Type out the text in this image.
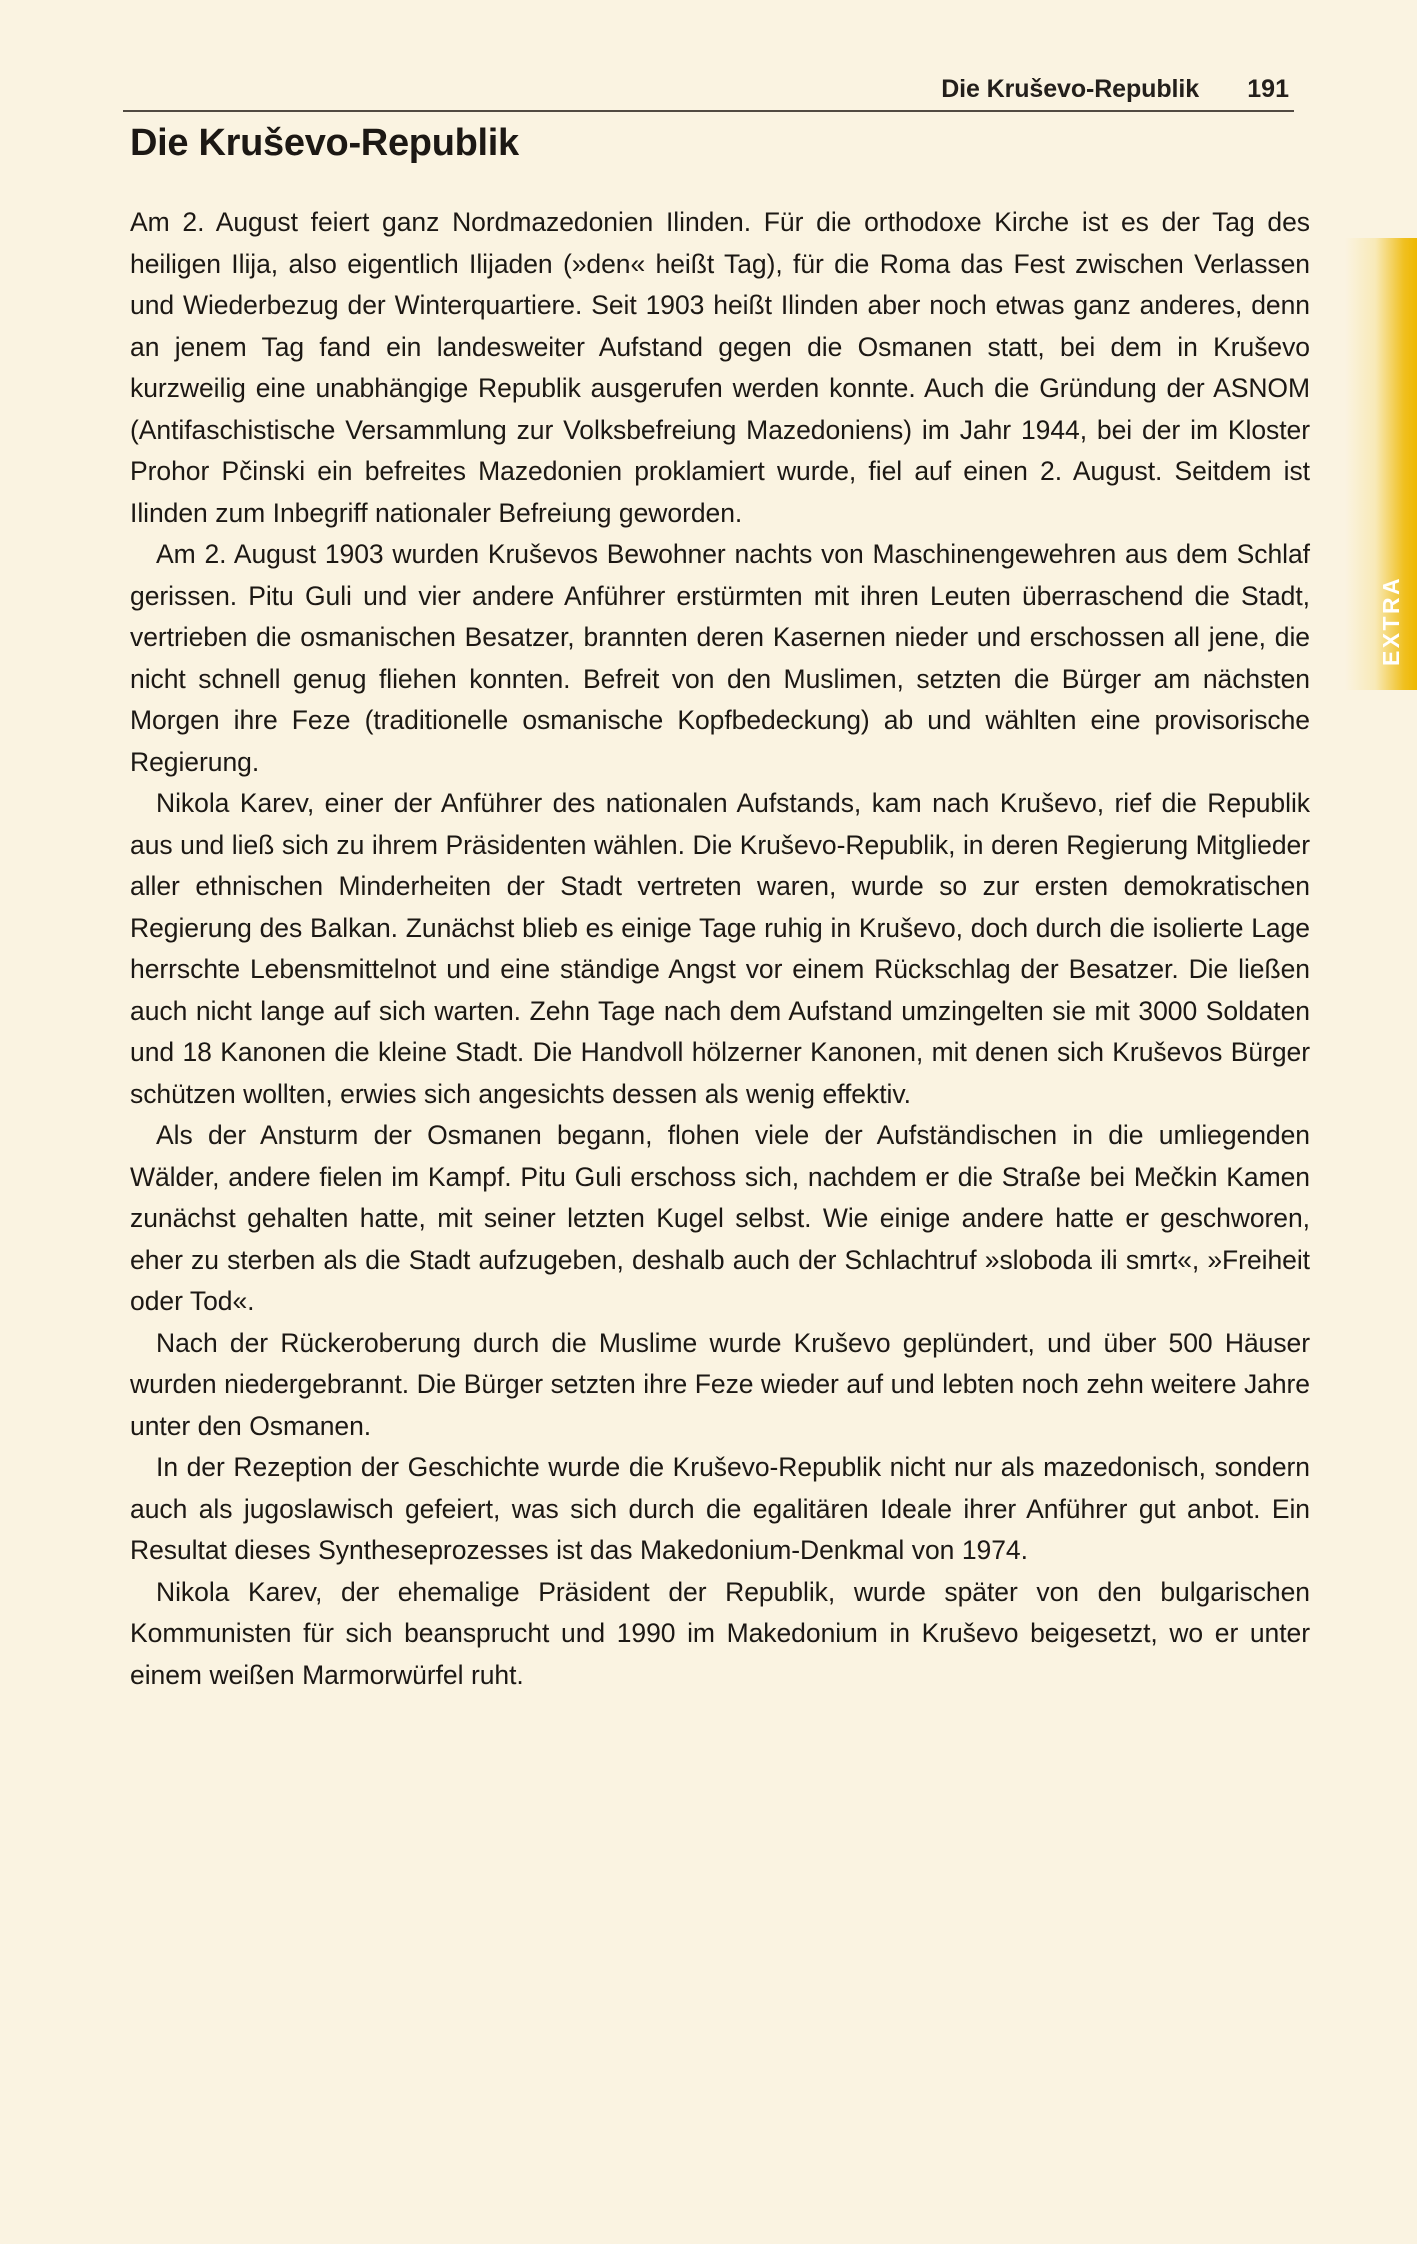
Die Kruševo-Republik 191
Die Kruševo-Republik

Am 2. August feiert ganz Nordmazedonien Ilinden. Für die orthodoxe Kirche ist es der Tag des heiligen Ilija, also eigentlich Ilijaden (»den« heißt Tag), für die Roma das Fest zwischen Verlassen und Wiederbezug der Winterquartiere. Seit 1903 heißt Ilinden aber noch etwas ganz anderes, denn an jenem Tag fand ein landesweiter Aufstand gegen die Osmanen statt, bei dem in Kruševo kurzweilig eine unabhängige Republik ausgerufen werden konnte. Auch die Gründung der ASNOM (Antifaschistische Versammlung zur Volksbefreiung Mazedoniens) im Jahr 1944, bei der im Kloster Prohor Pčinski ein befreites Mazedonien proklamiert wurde, fiel auf einen 2. August. Seitdem ist Ilinden zum Inbegriff nationaler Befreiung geworden.

Am 2. August 1903 wurden Kruševos Bewohner nachts von Maschinengewehren aus dem Schlaf gerissen. Pitu Guli und vier andere Anführer erstürmten mit ihren Leuten überraschend die Stadt, vertrieben die osmanischen Besatzer, brannten deren Kasernen nieder und erschossen all jene, die nicht schnell genug fliehen konnten. Befreit von den Muslimen, setzten die Bürger am nächsten Morgen ihre Feze (traditionelle osmanische Kopfbedeckung) ab und wählten eine provisorische Regierung.

Nikola Karev, einer der Anführer des nationalen Aufstands, kam nach Kruševo, rief die Republik aus und ließ sich zu ihrem Präsidenten wählen. Die Kruševo-Republik, in deren Regierung Mitglieder aller ethnischen Minderheiten der Stadt vertreten waren, wurde so zur ersten demokratischen Regierung des Balkan. Zunächst blieb es einige Tage ruhig in Kruševo, doch durch die isolierte Lage herrschte Lebensmittelnot und eine ständige Angst vor einem Rückschlag der Besatzer. Die ließen auch nicht lange auf sich warten. Zehn Tage nach dem Aufstand umzingelten sie mit 3000 Soldaten und 18 Kanonen die kleine Stadt. Die Handvoll hölzerner Kanonen, mit denen sich Kruševos Bürger schützen wollten, erwies sich angesichts dessen als wenig effektiv.

Als der Ansturm der Osmanen begann, flohen viele der Aufständischen in die umliegenden Wälder, andere fielen im Kampf. Pitu Guli erschoss sich, nachdem er die Straße bei Mečkin Kamen zunächst gehalten hatte, mit seiner letzten Kugel selbst. Wie einige andere hatte er geschworen, eher zu sterben als die Stadt aufzugeben, deshalb auch der Schlachtruf »sloboda ili smrt«, »Freiheit oder Tod«.

Nach der Rückeroberung durch die Muslime wurde Kruševo geplündert, und über 500 Häuser wurden niedergebrannt. Die Bürger setzten ihre Feze wieder auf und lebten noch zehn weitere Jahre unter den Osmanen.

In der Rezeption der Geschichte wurde die Kruševo-Republik nicht nur als mazedonisch, sondern auch als jugoslawisch gefeiert, was sich durch die egalitären Ideale ihrer Anführer gut anbot. Ein Resultat dieses Syntheseprozesses ist das Makedonium-Denkmal von 1974.

Nikola Karev, der ehemalige Präsident der Republik, wurde später von den bulgarischen Kommunisten für sich beansprucht und 1990 im Makedonium in Kruševo beigesetzt, wo er unter einem weißen Marmorwürfel ruht.

EXTRA
